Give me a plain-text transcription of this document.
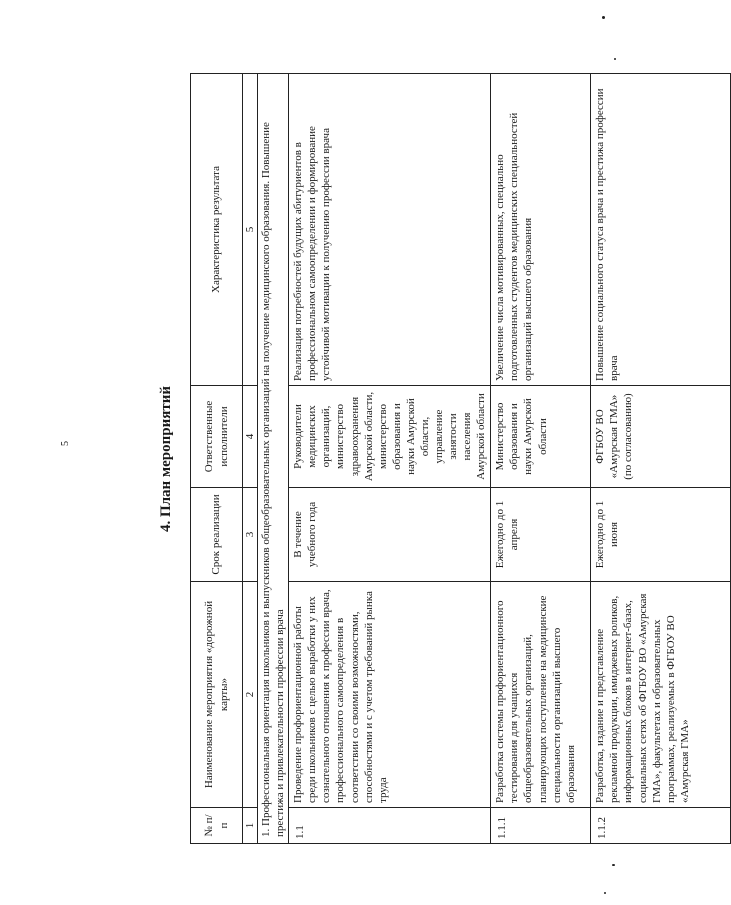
5	4. План мероприятий
№ п/п	Наименование мероприятия «дорожной карты»	Срок реализации	Ответственные исполнители	Характеристика результата
1	2	3	4	5
1. Профессиональная ориентация школьников и выпускников общеобразовательных организаций на получение медицинского образования. Повышение престижа и привлекательности профессии врача				
1.1	Проведение профориентационной работы среди школьников с целью выработки у них сознательного отношения к профессии врача, профессионального самоопределения в соответствии со своими возможностями, способностями и с учетом требований рынка труда	В течение учебного года	Руководители медицинских организаций, министерство здравоохранения Амурской области, министерство образования и науки Амурской области, управление занятости населения Амурской области	Реализация потребностей будущих абитуриентов в профессиональном самоопределении и формирование устойчивой мотивации к получению профессии врача
1.1.1	Разработка системы профориентационного тестирования для учащихся общеобразовательных организаций, планирующих поступление на медицинские специальности организаций высшего образования	Ежегодно до 1 апреля	Министерство образования и науки Амурской области	Увеличение числа мотивированных, специально подготовленных студентов медицинских специальностей организаций высшего образования
1.1.2	Разработка, издание и представление рекламной продукции, имиджевых роликов, информационных блоков в интернет-базах, социальных сетях об ФГБОУ ВО «Амурская ГМА», факультетах и образовательных программах, реализуемых в ФГБОУ ВО «Амурская ГМА»	Ежегодно до 1 июня	ФГБОУ ВО «Амурская ГМА» (по согласованию)	Повышение социального статуса врача и престижа профессии врача
